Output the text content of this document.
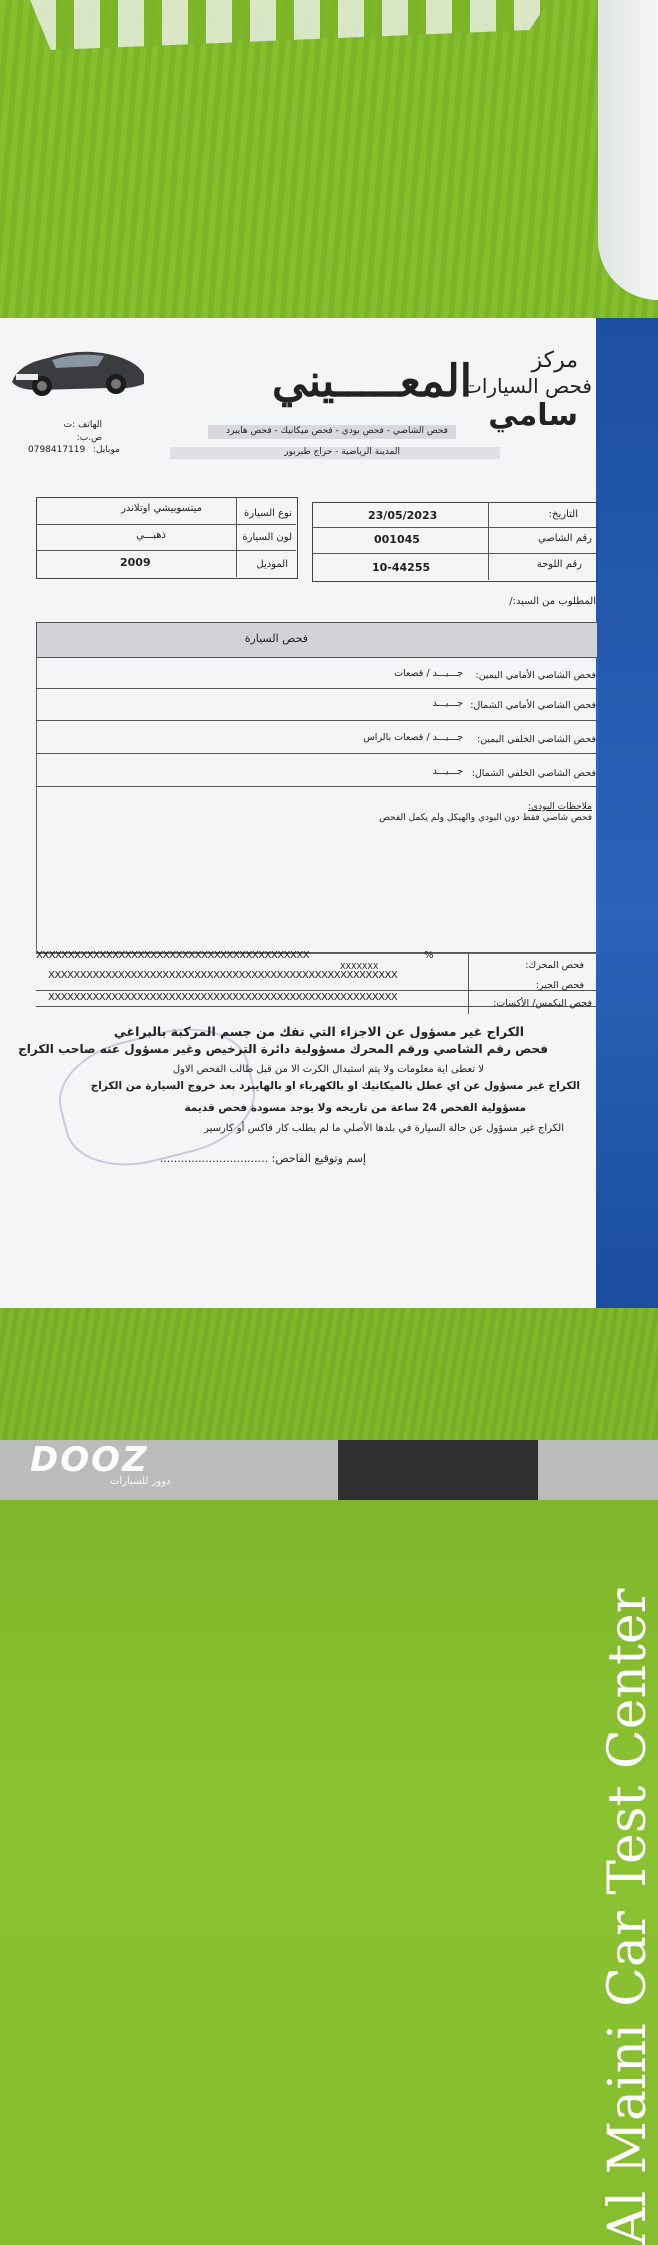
Al Maini Car Test Center
مركز
فحص السيارات
سامي
المعـــــيني
فحص الشاصي - فحص بودي - فحص ميكانيك - فحص هايبرد
المدينة الرياضية - حراج طبربور
الهاتف :ت
ص.ب:
موبايل:
0798417119
التاريخ:
23/05/2023
رقم الشاصي
001045
رقم اللوحة
10-44255
نوع السيارة
ميتسوبيشي اوتلاندر
لون السيارة
ذهبـــي
الموديل
2009
المطلوب من السيد:/
فحص السيارة
فحص الشاصي الأمامي اليمين:
جـــيـــد / قصعات
فحص الشاصي الأمامي الشمال:
جـــيـــد
فحص الشاصي الخلفي اليمين:
جـــيـــد / قصعات بالراس
فحص الشاصي الخلفي الشمال:
جـــيـــد
ملاحظات البودي:
فحص شاصي فقط دون البودي والهيكل ولم يكمل الفحص
فحص المحرك:
XXXXXXXXXXXXXXXXXXXXXXXXXXXXXXXXXXXXXXXXXXX	%
XXXXXXX
فحص الجير:
XXXXXXXXXXXXXXXXXXXXXXXXXXXXXXXXXXXXXXXXXXXXXXXXXXXXXXX
فحص البكمس/ الأكسات:
XXXXXXXXXXXXXXXXXXXXXXXXXXXXXXXXXXXXXXXXXXXXXXXXXXXXXXX
الكراج غير مسؤول عن الاجزاء التي تفك من جسم المركبة بالبراغي
فحص رقم الشاصي ورقم المحرك مسؤولية دائرة الترخيص وغير مسؤول عنه صاحب الكراج
لا تعطى اية معلومات ولا يتم استبدال الكرت الا من قبل طالب الفحص الاول
الكراج غير مسؤول عن اي عطل بالميكانيك او بالكهرباء او بالهايبرد بعد خروج السيارة من الكراج
مسؤولية الفحص 24 ساعة من تاريخه ولا يوجد مسودة فحص قديمة
الكراج غير مسؤول عن حالة السيارة في بلدها الأصلي ما لم يطلب كار فاكس أو كارسير
إسم وتوقيع الفاحص: ...............................
DOOZ
دووز للسيارات
